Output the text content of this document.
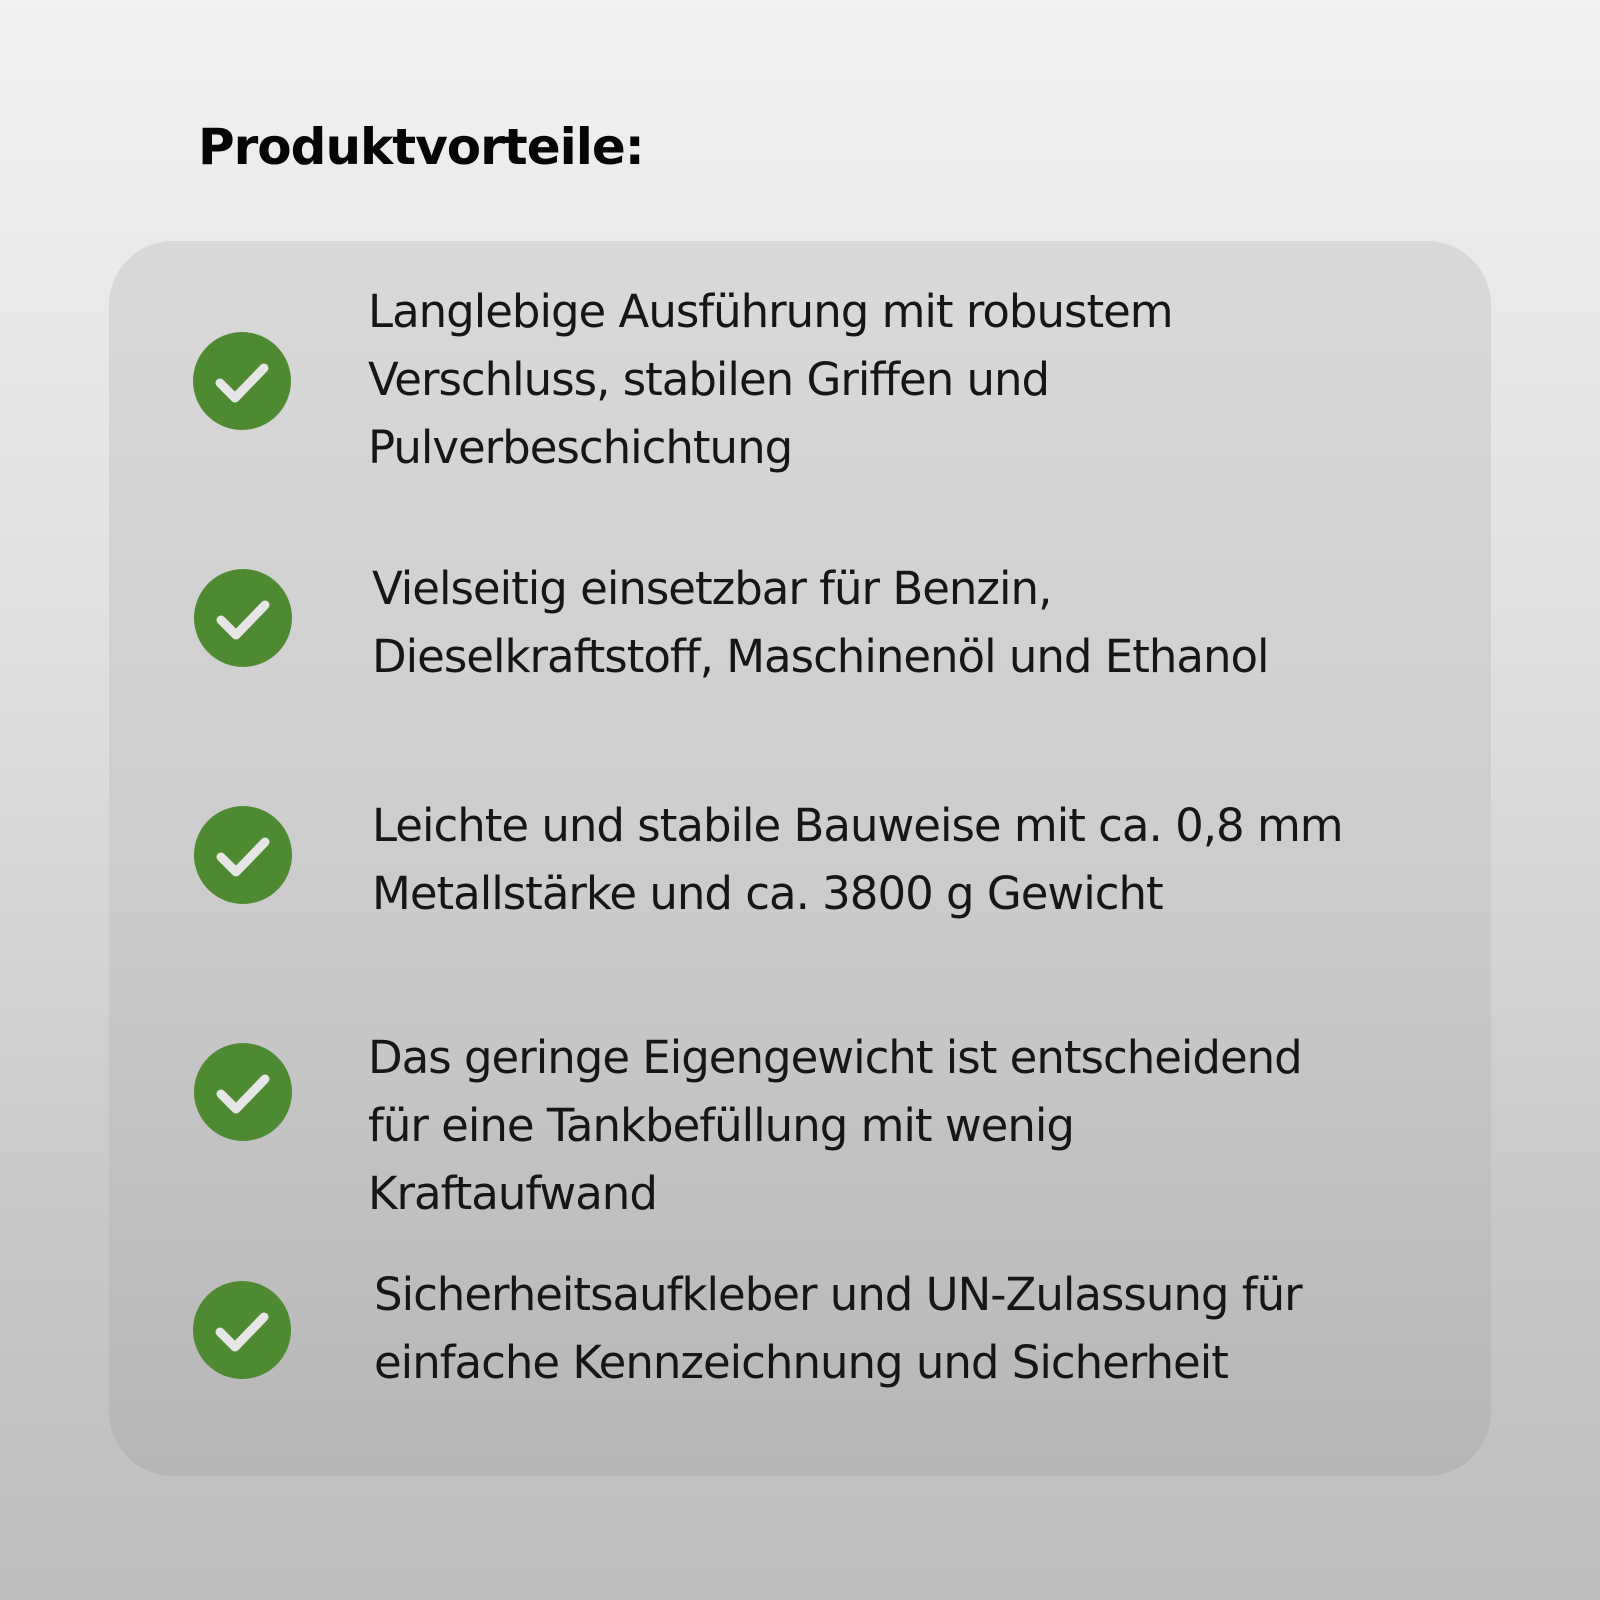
Produktvorteile:

Langlebige Ausführung mit robustem
Verschluss, stabilen Griffen und
Pulverbeschichtung

Vielseitig einsetzbar für Benzin,
Dieselkraftstoff, Maschinenöl und Ethanol

Leichte und stabile Bauweise mit ca. 0,8 mm
Metallstärke und ca. 3800 g Gewicht

Das geringe Eigengewicht ist entscheidend
für eine Tankbefüllung mit wenig
Kraftaufwand

Sicherheitsaufkleber und UN-Zulassung für
einfache Kennzeichnung und Sicherheit
